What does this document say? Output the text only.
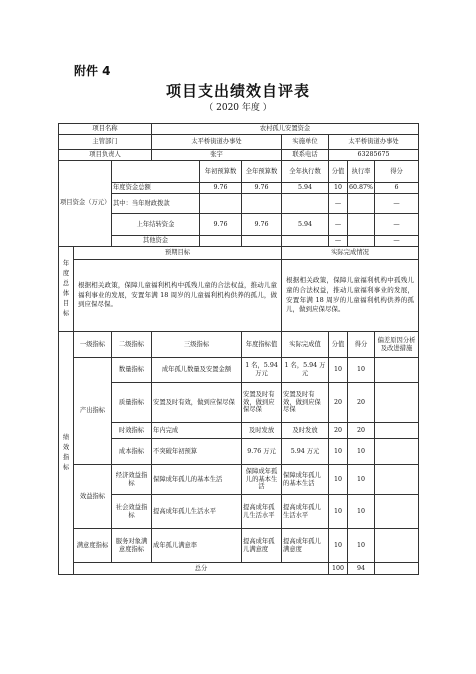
附件 4
项目支出绩效自评表
（ 2020 年度 ）
项目名称			农村孤儿安置资金						
主管部门			太平桥街道办事处			实施单位	太平桥街道办事处		
项目负责人			张宇			联系电话	63285675		
项目资金（万元）				年初预算数	全年预算数	全年执行数	分值	执行率	得分
		年度资金总额		9.76	9.76	5.94	10	60.87%	6
		其中：当年财政拨款					—		—
		上年结转资金		9.76	9.76	5.94	—		—
		其他资金					—		—
年度总体目标	预期目标					实际完成情况			
	根据相关政策，保障儿童福利机构中孤残儿童的合法权益，推动儿童福利事业的发展，安置年满 18 周岁的儿童福利机构供养的孤儿，做到应保尽保。					根据相关政策，保障儿童福利机构中孤残儿童的合法权益，推动儿童福利事业的发展，安置年满 18 周岁的儿童福利机构供养的孤儿，做到应保尽保。			
绩效指标	一级指标	二级指标	三级指标		年度指标值	实际完成值	分值	得分	偏差原因分析及改进措施
	产出指标	数量指标	成年孤儿数量及安置金额		1 名，5.94 万元	1 名，5.94 万元	10	10	
		质量指标	安置及时有效，做到应保尽保		安置及时有效，做到应保尽保	安置及时有效，做到应保尽保	20	20	
		时效指标	年内完成		及时发放	及时发放	20	20	
		成本指标	不突破年初预算		9.76 万元	5.94 万元	10	10	
	效益指标	经济效益指标	保障成年孤儿的基本生活		保障成年孤儿的基本生活	保障成年孤儿的基本生活	10	10	
		社会效益指标	提高成年孤儿生活水平		提高成年孤儿生活水平	提高成年孤儿生活水平	10	10	
	满意度指标	服务对象满意度指标	成年孤儿满意率		提高成年孤儿满意度	提高成年孤儿满意度	10	10	
	总分						100	94	
